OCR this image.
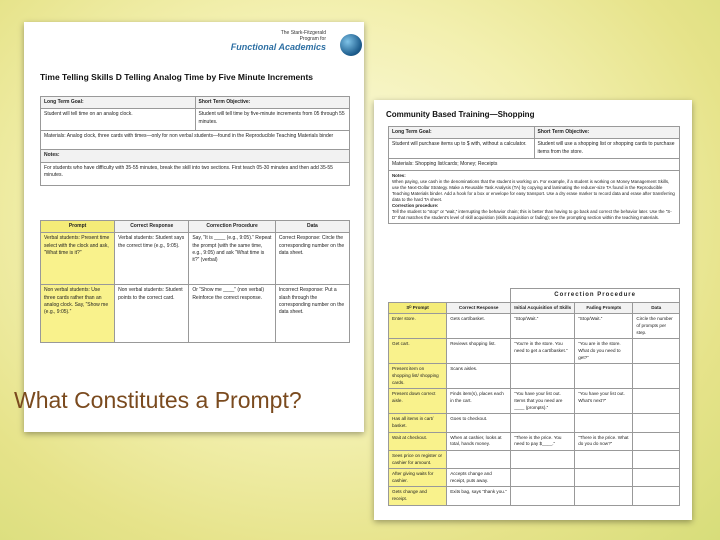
The Stark-Fitzgerald
Program for
Functional Academics
Time Telling Skills D Telling Analog Time by Five Minute Increments
Long Term Goal:	Short Term Objective:
Student will tell time on an analog clock.	Student will tell time by five-minute increments from 05 through 55 minutes.
Materials: Analog clock, three cards with times—only for non verbal students—found in the Reproducible Teaching Materials binder	
Notes:	
For students who have difficulty with 35-55 minutes, break the skill into two sections. First teach 05-30 minutes and then add 35-55 minutes.	
Prompt	Correct Response	Correction Procedure	Data
Verbal students: Present time select with the clock and ask, “What time is it?”	Verbal students: Student says the correct time (e.g., 9:05).	Say, “It is ____ (e.g., 9:05).” Repeat the prompt (with the same time, e.g., 9:05) and ask “What time is it?” (verbal)	Correct Response: Circle the corresponding number on the data sheet.
Non verbal students: Use three cards rather than an analog clock. Say, “Show me (e.g., 9:05).”	Non verbal students: Student points to the correct card.	Or “Show me ____” (non verbal) Reinforce the correct response.	Incorrect Response: Put a slash through the corresponding number on the data sheet.
Community Based Training—Shopping
Long Term Goal:	Short Term Objective:
Student will purchase items up to $ with, without a calculator.	Student will use a shopping list or shopping cards to purchase items from the store.
Materials: Shopping list/cards; Money; Receipts	
Notes:
When paying, use cash in the denominations that the student is working on. For example, if a student is working on Money Management Skills, use the Next-Dollar Strategy. Make a Reusable Task Analysis (TA) by copying and laminating the reducer-size TA found in the Reproducible Teaching Materials binder. Add a hook for a box or envelope for easy transport. Use a dry erase marker to record data and erase after transferring data to the hard TA sheet.
Correction procedure:
Tell the student to “stop” or “wait,” interrupting the behavior chain; this is better than having to go back and correct the behavior later. Use the “S-D” that matches the student's level of skill acquisition (skills acquisition or fading); see the prompting section within the teaching materials.	
		Correction Procedure		
Sᴰ Prompt	Correct Response	Initial Acquisition of Skills	Fading Prompts	Data
Enter store.	Gets cart/basket.	“Stop/Wait.”	“Stop/Wait.”	Circle the number of prompts per step.
Get cart.	Reviews shopping list.	“You're in the store. You need to get a cart/basket.”	“You are in the store. What do you need to get?”	
Present item on shopping list/ shopping cards.	Scans aisles.			
Present down correct aisle.	Finds item(s), places each in the cart.	“You have your list out. Items that you need are ____ (prompts).”	“You have your list out. What's next?”	
Has all items in cart/ basket.	Goes to checkout.			
Wait at checkout.	When at cashier, looks at total, hands money.	“There is the price. You need to pay $____.”	“There is the price. What do you do now?”	
Sees price on register or cashier for amount.				
After giving waits for cashier.	Accepts change and receipt, puts away.			
Gets change and receipt.	Exits bag, says “thank you.”			
What Constitutes a Prompt?
